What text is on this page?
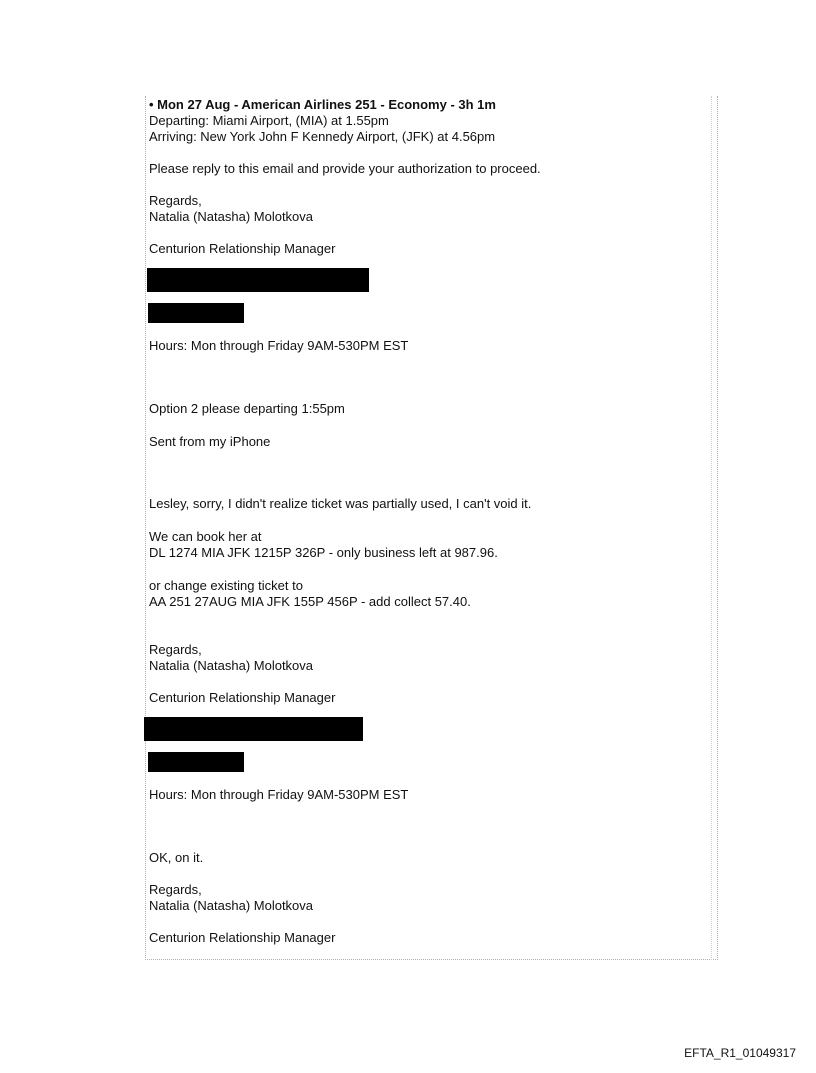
• Mon 27 Aug - American Airlines 251 - Economy - 3h 1m

Departing: Miami Airport, (MIA) at 1.55pm

Arriving: New York John F Kennedy Airport, (JFK) at 4.56pm

Please reply to this email and provide your authorization to proceed.

Regards,

Natalia (Natasha) Molotkova

Centurion Relationship Manager

Hours: Mon through Friday 9AM-530PM EST

Option 2 please departing 1:55pm

Sent from my iPhone

Lesley, sorry, I didn't realize ticket was partially used, I can't void it.

We can book her at

DL 1274 MIA JFK 1215P 326P - only business left at 987.96.

or change existing ticket to

AA 251 27AUG MIA JFK 155P 456P - add collect 57.40.

Regards,

Natalia (Natasha) Molotkova

Centurion Relationship Manager

Hours: Mon through Friday 9AM-530PM EST

OK, on it.

Regards,

Natalia (Natasha) Molotkova

Centurion Relationship Manager

EFTA_R1_01049317
